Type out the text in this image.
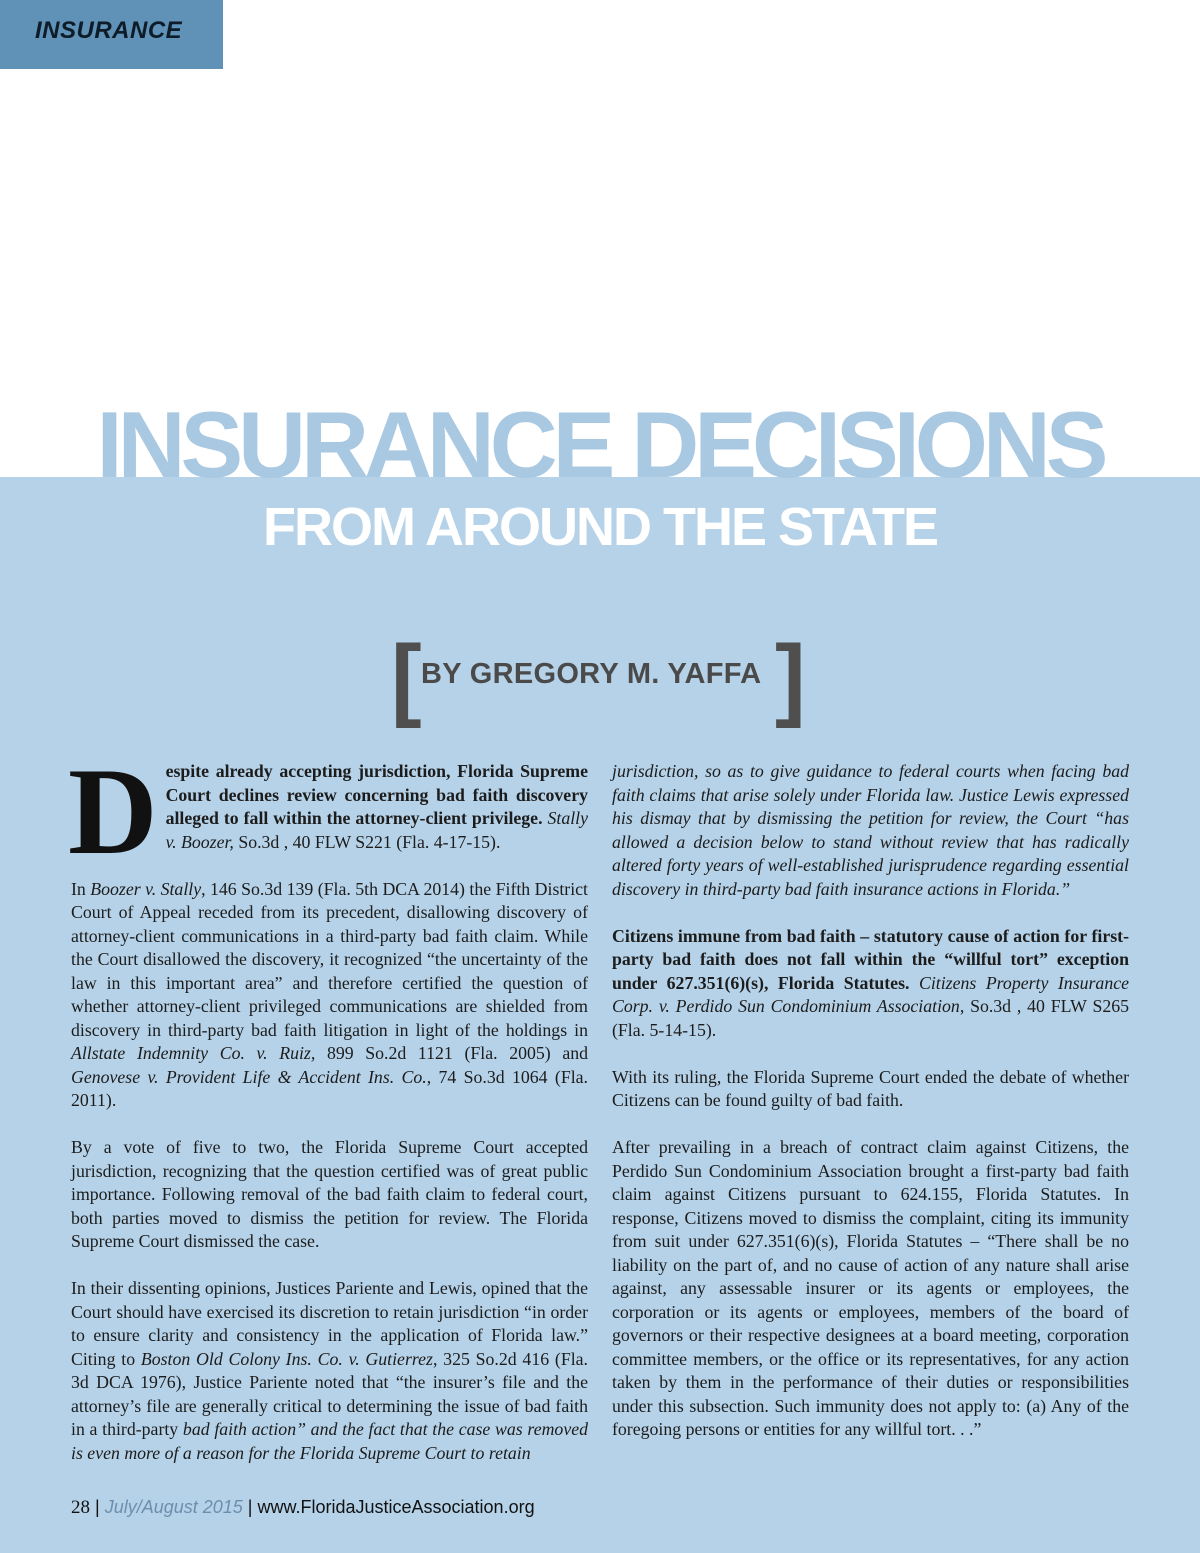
INSURANCE
INSURANCE DECISIONS
FROM AROUND THE STATE
[ BY GREGORY M. YAFFA ]

Despite already accepting jurisdiction, Florida Supreme Court declines review concerning bad faith discovery alleged to fall within the attorney-client privilege. Stally v. Boozer, So.3d , 40 FLW S221 (Fla. 4-17-15).

In Boozer v. Stally, 146 So.3d 139 (Fla. 5th DCA 2014) the Fifth District Court of Appeal receded from its precedent, disallowing discovery of attorney-client communications in a third-party bad faith claim. While the Court disallowed the discovery, it recognized “the uncertainty of the law in this important area” and therefore certified the question of whether attorney-client privileged communications are shielded from discovery in third-party bad faith litigation in light of the holdings in Allstate Indemnity Co. v. Ruiz, 899 So.2d 1121 (Fla. 2005) and Genovese v. Provident Life & Accident Ins. Co., 74 So.3d 1064 (Fla. 2011).

By a vote of five to two, the Florida Supreme Court accepted jurisdiction, recognizing that the question certified was of great public importance. Following removal of the bad faith claim to federal court, both parties moved to dismiss the petition for review. The Florida Supreme Court dismissed the case.

In their dissenting opinions, Justices Pariente and Lewis, opined that the Court should have exercised its discretion to retain jurisdiction “in order to ensure clarity and consistency in the application of Florida law.” Citing to Boston Old Colony Ins. Co. v. Gutierrez, 325 So.2d 416 (Fla. 3d DCA 1976), Justice Pariente noted that “the insurer’s file and the attorney’s file are generally critical to determining the issue of bad faith in a third-party bad faith action” and the fact that the case was removed is even more of a reason for the Florida Supreme Court to retain

jurisdiction, so as to give guidance to federal courts when facing bad faith claims that arise solely under Florida law. Justice Lewis expressed his dismay that by dismissing the petition for review, the Court “has allowed a decision below to stand without review that has radically altered forty years of well-established jurisprudence regarding essential discovery in third-party bad faith insurance actions in Florida.”

Citizens immune from bad faith – statutory cause of action for first-party bad faith does not fall within the “willful tort” exception under 627.351(6)(s), Florida Statutes. Citizens Property Insurance Corp. v. Perdido Sun Condominium Association, So.3d , 40 FLW S265 (Fla. 5-14-15).

With its ruling, the Florida Supreme Court ended the debate of whether Citizens can be found guilty of bad faith.

After prevailing in a breach of contract claim against Citizens, the Perdido Sun Condominium Association brought a first-party bad faith claim against Citizens pursuant to 624.155, Florida Statutes. In response, Citizens moved to dismiss the complaint, citing its immunity from suit under 627.351(6)(s), Florida Statutes – “There shall be no liability on the part of, and no cause of action of any nature shall arise against, any assessable insurer or its agents or employees, the corporation or its agents or employees, members of the board of governors or their respective designees at a board meeting, corporation committee members, or the office or its representatives, for any action taken by them in the performance of their duties or responsibilities under this subsection. Such immunity does not apply to: (a) Any of the foregoing persons or entities for any willful tort. . .”

28 | July/August 2015 | www.FloridaJusticeAssociation.org
